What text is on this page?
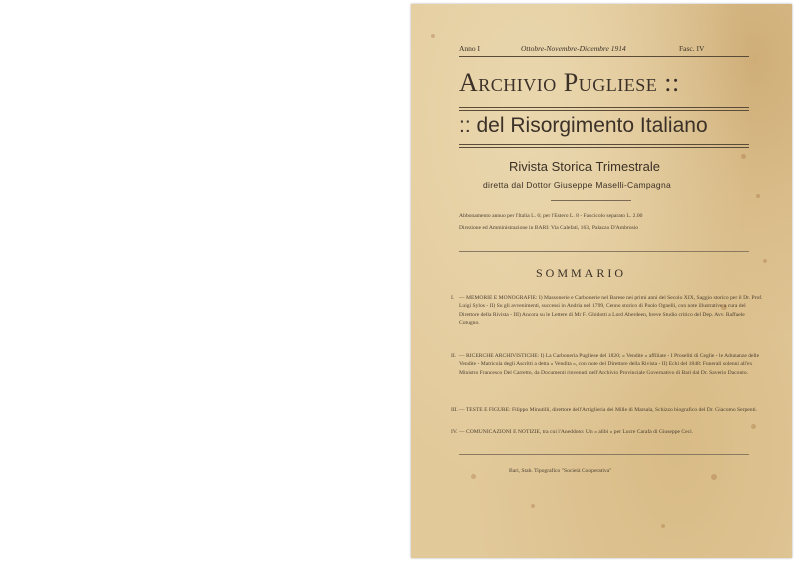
Anno I	Ottobre-Novembre-Dicembre 1914	Fasc. IV
Archivio Pugliese ::
:: del Risorgimento Italiano
Rivista Storica Trimestrale
diretta dal Dottor Giuseppe Maselli-Campagna
Abbonamento annuo per l'Italia L. 6; per l'Estero L. 8 - Fascicolo separato L. 2.00
Direzione ed Amministrazione in BARI: Via Calefati, 163, Palazzo D'Ambrosio
SOMMARIO
I. — MEMORIE E MONOGRAFIE: I) Massonerie e Carbonerie nel Barese nei primi anni del Secolo XIX, Saggio storico per il Dr. Prof. Luigi Sylos - II) Su gli avvenimenti, successi in Andria nel 1799, Cenno storico di Paolo Ognelli, con note illustrative a cura del Direttore della Rivista - III) Ancora su le Lettere di Mr F. Ghidotti a Lord Aberdeen, breve Studio critico del Dep. Avv. Raffaele Cotugno.
II. — RICERCHE ARCHIVISTICHE: I) La Carboneria Pugliese del 1820; « Vendite » affiliate - I Proseliti di Ceglie - le Adunanze delle Vendite - Matricola degli Ascritti a detta « Vendita », con note del Direttore della Rivista - II) Echi del 1848: Funerali solenni all'ex Ministro Francesco Del Carretto, da Documenti rinvenuti nell'Archivio Provinciale Governativo di Bari dal Dr. Saverio Daconto.
III. — TESTE E FIGURE: Filippo Minutilli, direttore dell'Artiglieria dei Mille di Marsala, Schizzo biografico del Dr. Giacomo Serpenti.
IV. — COMUNICAZIONI E NOTIZIE, tra cui l'Aneddoto: Un « alibi » per Lucre Carafa di Giuseppe Ceci.
Bari, Stab. Tipografico "Società Cooperativa"
